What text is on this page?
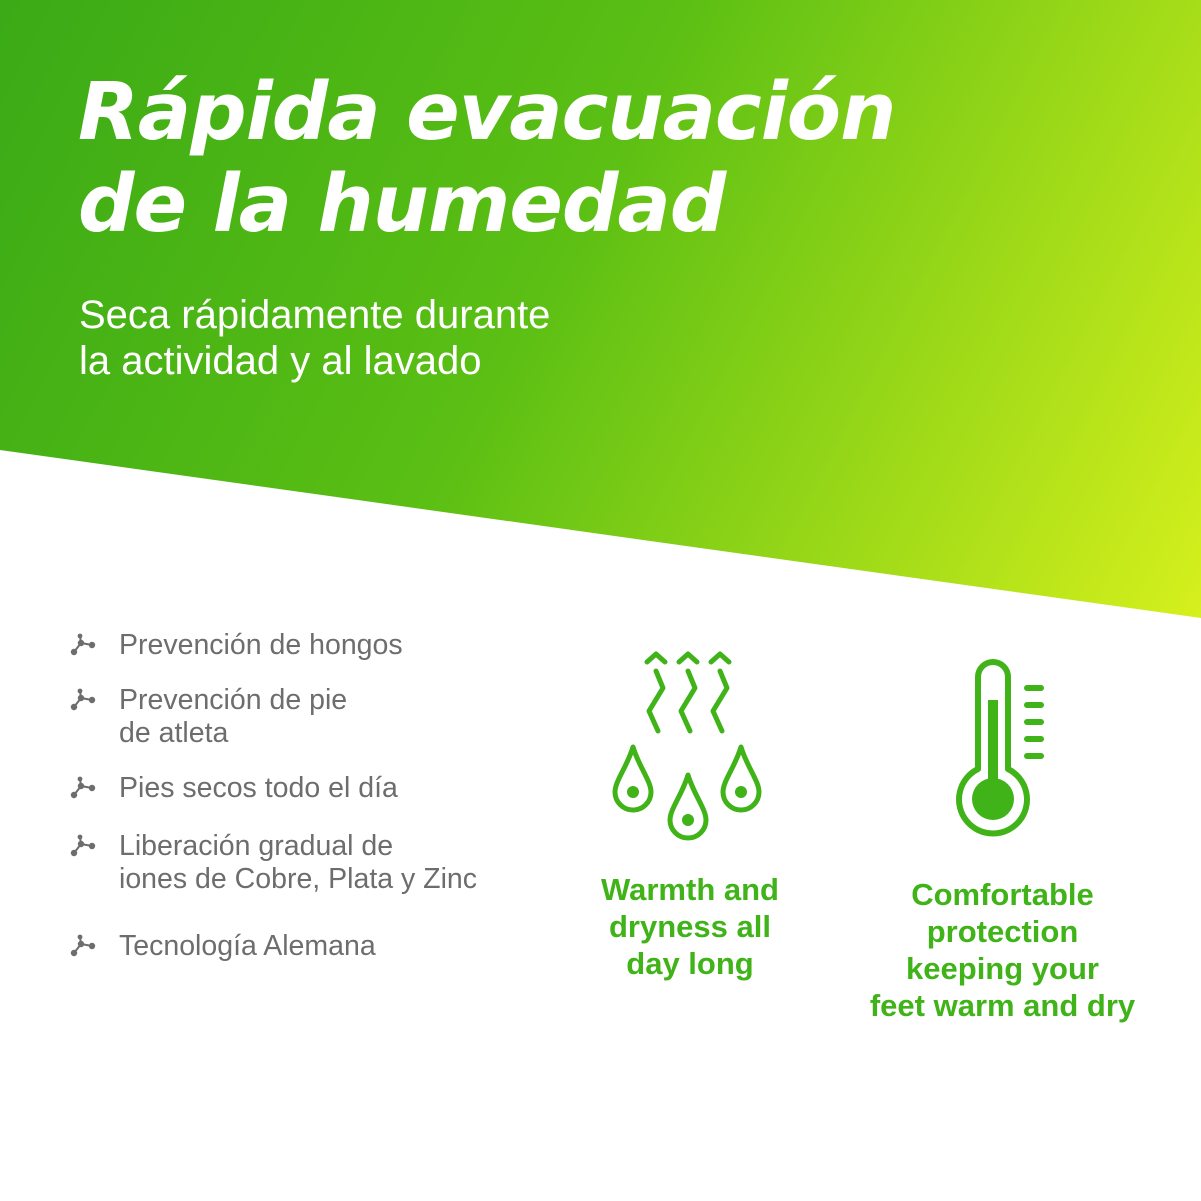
Rápida evacuación
de la humedad

Seca rápidamente durante
la actividad y al lavado

Prevención de hongos
Prevención de pie
de atleta
Pies secos todo el día
Liberación gradual de
iones de Cobre, Plata y Zinc
Tecnología Alemana
Warmth and
dryness all
day long
Comfortable
protection
keeping your
feet warm and dry
